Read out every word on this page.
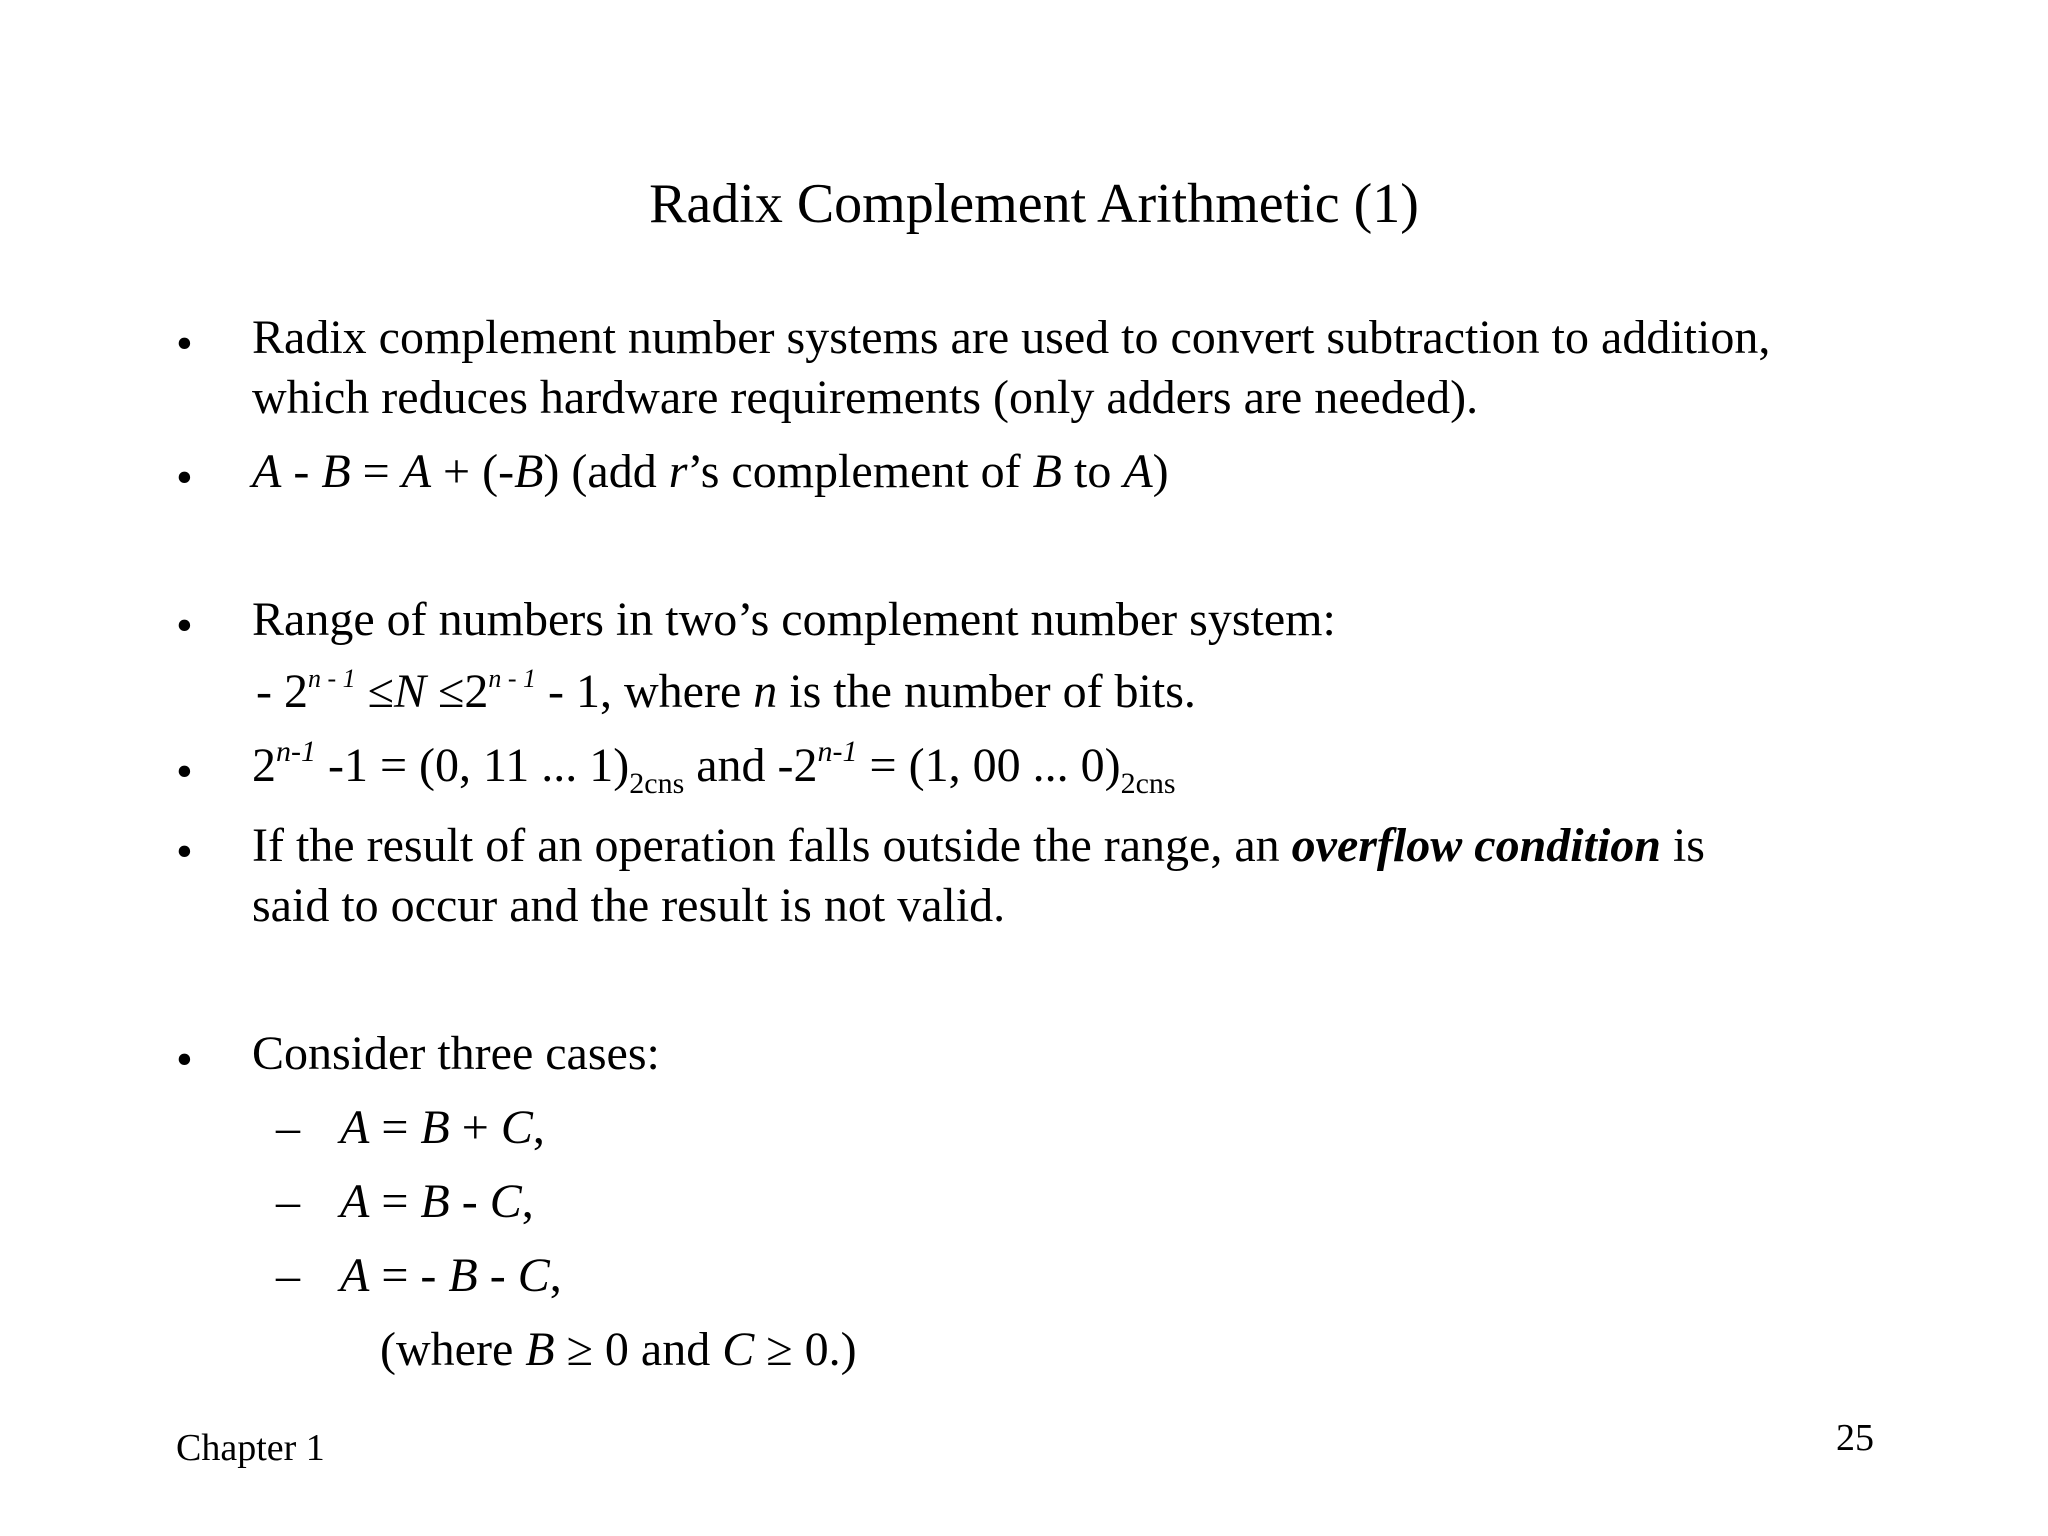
Radix Complement Arithmetic (1)
• Radix complement number systems are used to convert subtraction to addition,
which reduces hardware requirements (only adders are needed).
• A - B = A + (-B) (add r’s complement of B to A)
• Range of numbers in two’s complement number system:
- $2^{n - 1} \le N \le 2^{n - 1} - 1$, where n is the number of bits.
• 2$^{n-1}$ -1 = (0, 11 ... $1)_{2cns}$ and $-2^{n-1} = (1$, 00 ... $0)_{2cns}$
• If the result of an operation falls outside the range, an overflow condition is
said to occur and the result is not valid.
• Consider three cases:
– A = B + C,
– A = B - C,
– A = - B - C,
(where B ≥ 0 and C ≥ 0.)
Chapter 1	25
